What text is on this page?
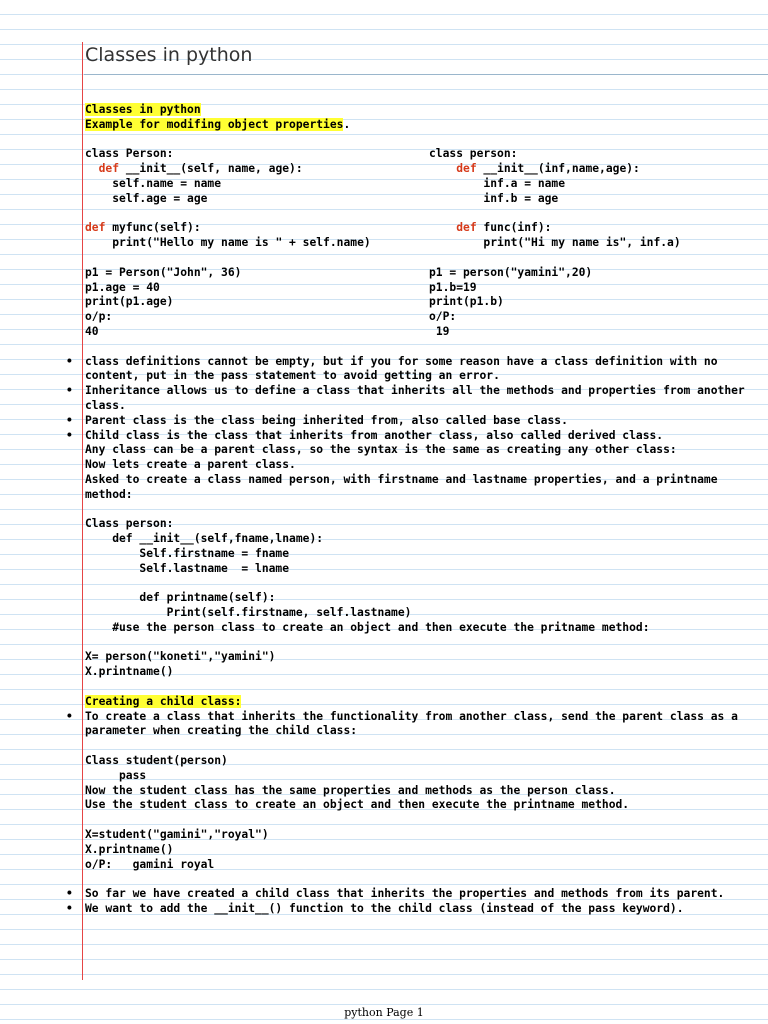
Classes in python
Classes in python
Example for modifing object properties.
class Person:
def __init__(self, name, age):
self.name = name
self.age = age
def myfunc(self):
print("Hello my name is " + self.name)
p1 = Person("John", 36)
p1.age = 40
print(p1.age)
o/p:
40
class person:
def __init__(inf,name,age):
inf.a = name
inf.b = age
def func(inf):
print("Hi my name is", inf.a)
p1 = person("yamini",20)
p1.b=19
print(p1.b)
o/P:
19
• class definitions cannot be empty, but if you for some reason have a class definition with no content, put in the pass statement to avoid getting an error.
• Inheritance allows us to define a class that inherits all the methods and properties from another class.
• Parent class is the class being inherited from, also called base class.
• Child class is the class that inherits from another class, also called derived class.
Any class can be a parent class, so the syntax is the same as creating any other class:
Now lets create a parent class.
Asked to create a class named person, with firstname and lastname properties, and a printname method:
Class person:
def __init__(self,fname,lname):
Self.firstname = fname
Self.lastname  = lname
def printname(self):
Print(self.firstname, self.lastname)
#use the person class to create an object and then execute the pritname method:
X= person("koneti","yamini")
X.printname()
Creating a child class:
• To create a class that inherits the functionality from another class, send the parent class as a parameter when creating the child class:
Class student(person)
pass
Now the student class has the same properties and methods as the person class.
Use the student class to create an object and then execute the printname method.
X=student("gamini","royal")
X.printname()
o/P:   gamini royal
• So far we have created a child class that inherits the properties and methods from its parent.
• We want to add the __init__() function to the child class (instead of the pass keyword).
python Page 1
